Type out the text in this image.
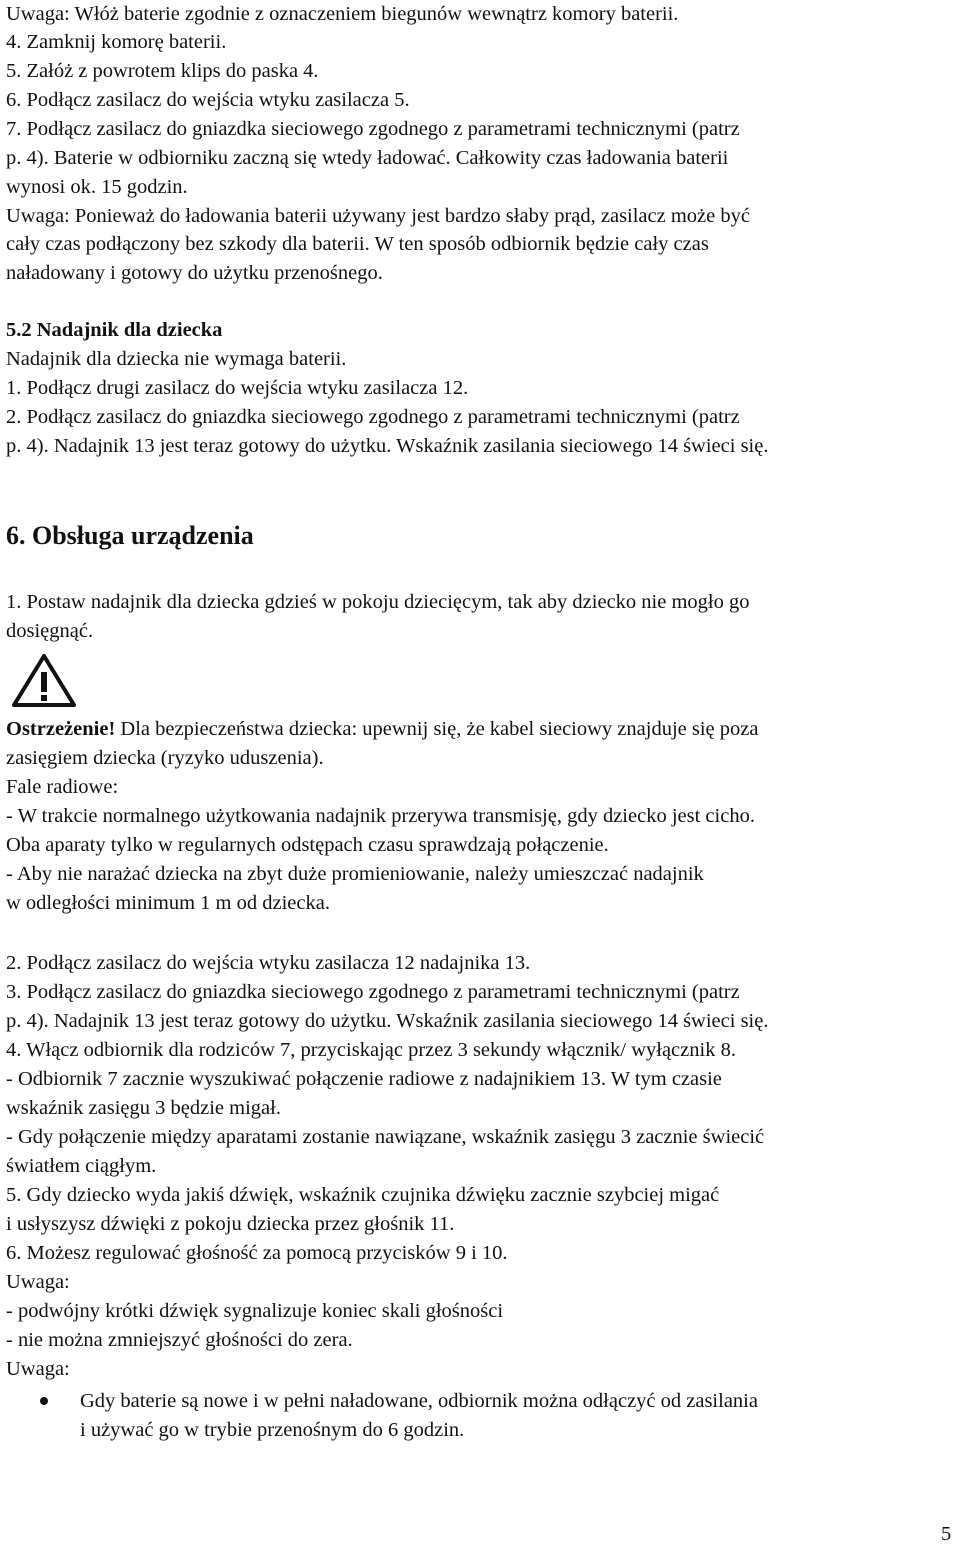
Uwaga: Włóż baterie zgodnie z oznaczeniem biegunów wewnątrz komory baterii.

4. Zamknij komorę baterii.

5. Załóż z powrotem klips do paska 4.

6. Podłącz zasilacz do wejścia wtyku zasilacza 5.

7. Podłącz zasilacz do gniazdka sieciowego zgodnego z parametrami technicznymi (patrz

p. 4). Baterie w odbiorniku zaczną się wtedy ładować. Całkowity czas ładowania baterii

wynosi ok. 15 godzin.

Uwaga: Ponieważ do ładowania baterii używany jest bardzo słaby prąd, zasilacz może być

cały czas podłączony bez szkody dla baterii. W ten sposób odbiornik będzie cały czas

naładowany i gotowy do użytku przenośnego.

5.2 Nadajnik dla dziecka

Nadajnik dla dziecka nie wymaga baterii.

1. Podłącz drugi zasilacz do wejścia wtyku zasilacza 12.

2. Podłącz zasilacz do gniazdka sieciowego zgodnego z parametrami technicznymi (patrz

p. 4). Nadajnik 13 jest teraz gotowy do użytku. Wskaźnik zasilania sieciowego 14 świeci się.

6. Obsługa urządzenia

1. Postaw nadajnik dla dziecka gdzieś w pokoju dziecięcym, tak aby dziecko nie mogło go

dosięgnąć.

Ostrzeżenie! Dla bezpieczeństwa dziecka: upewnij się, że kabel sieciowy znajduje się poza

zasięgiem dziecka (ryzyko uduszenia).

Fale radiowe:

- W trakcie normalnego użytkowania nadajnik przerywa transmisję, gdy dziecko jest cicho.

Oba aparaty tylko w regularnych odstępach czasu sprawdzają połączenie.

- Aby nie narażać dziecka na zbyt duże promieniowanie, należy umieszczać nadajnik

w odległości minimum 1 m od dziecka.

2. Podłącz zasilacz do wejścia wtyku zasilacza 12 nadajnika 13.

3. Podłącz zasilacz do gniazdka sieciowego zgodnego z parametrami technicznymi (patrz

p. 4). Nadajnik 13 jest teraz gotowy do użytku. Wskaźnik zasilania sieciowego 14 świeci się.

4. Włącz odbiornik dla rodziców 7, przyciskając przez 3 sekundy włącznik/ wyłącznik 8.

- Odbiornik 7 zacznie wyszukiwać połączenie radiowe z nadajnikiem 13. W tym czasie

wskaźnik zasięgu 3 będzie migał.

- Gdy połączenie między aparatami zostanie nawiązane, wskaźnik zasięgu 3 zacznie świecić

światłem ciągłym.

5. Gdy dziecko wyda jakiś dźwięk, wskaźnik czujnika dźwięku zacznie szybciej migać

i usłyszysz dźwięki z pokoju dziecka przez głośnik 11.

6. Możesz regulować głośność za pomocą przycisków 9 i 10.

Uwaga:

- podwójny krótki dźwięk sygnalizuje koniec skali głośności

- nie można zmniejszyć głośności do zera.

Uwaga:

Gdy baterie są nowe i w pełni naładowane, odbiornik można odłączyć od zasilania

i używać go w trybie przenośnym do 6 godzin.

5
